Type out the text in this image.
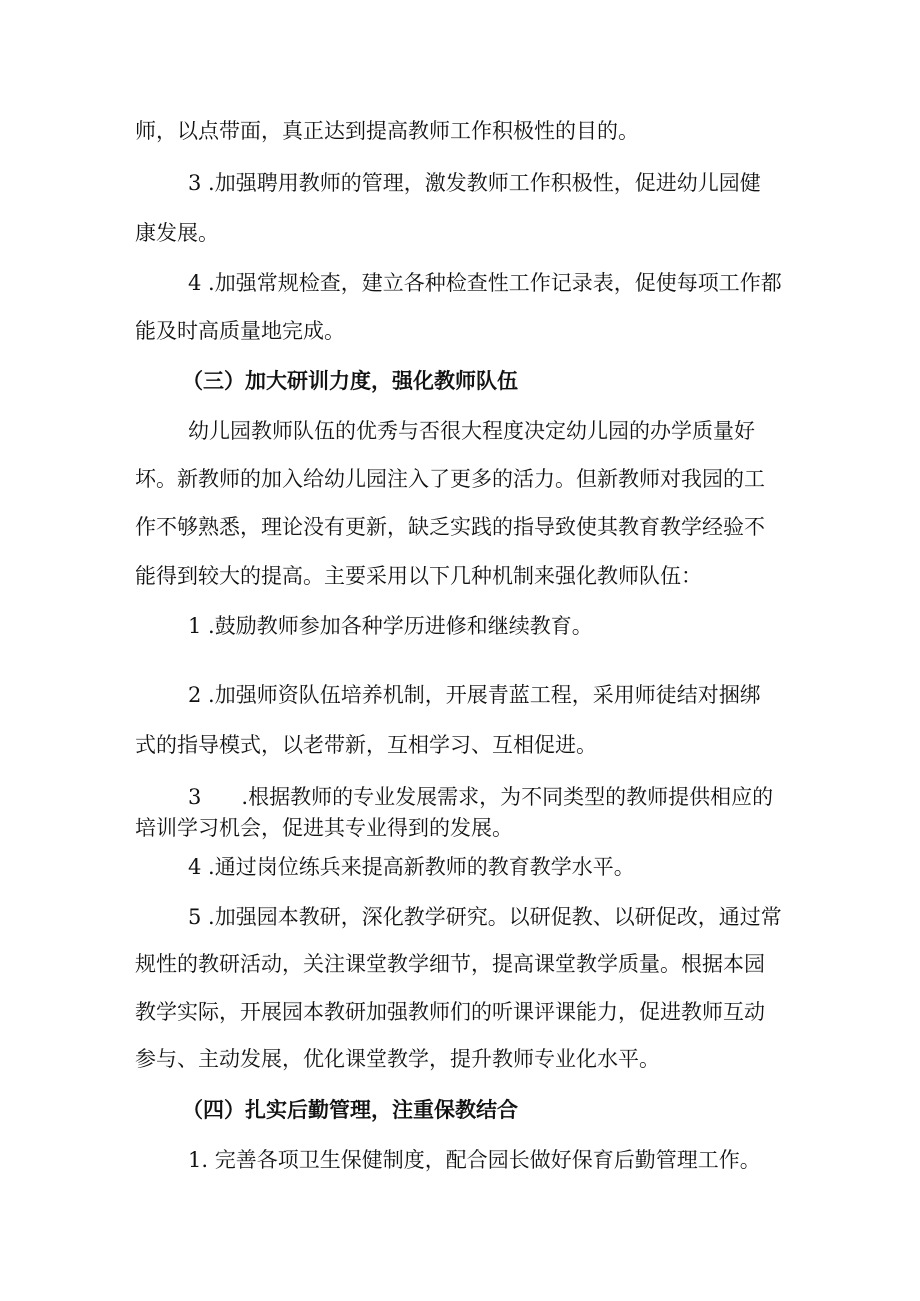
师，以点带面，真正达到提高教师工作积极性的目的。
3 .加强聘用教师的管理，激发教师工作积极性，促进幼儿园健
康发展。
4 .加强常规检查，建立各种检查性工作记录表，促使每项工作都
能及时高质量地完成。
（三）加大研训力度，强化教师队伍
幼儿园教师队伍的优秀与否很大程度决定幼儿园的办学质量好
坏。新教师的加入给幼儿园注入了更多的活力。但新教师对我园的工
作不够熟悉，理论没有更新，缺乏实践的指导致使其教育教学经验不
能得到较大的提高。主要采用以下几种机制来强化教师队伍：
1 .鼓励教师参加各种学历进修和继续教育。
2 .加强师资队伍培养机制，开展青蓝工程，采用师徒结对捆绑
式的指导模式，以老带新，互相学习、互相促进。
3      .根据教师的专业发展需求，为不同类型的教师提供相应的
培训学习机会，促进其专业得到的发展。
4 .通过岗位练兵来提高新教师的教育教学水平。
5 .加强园本教研，深化教学研究。以研促教、以研促改，通过常
规性的教研活动，关注课堂教学细节，提高课堂教学质量。根据本园
教学实际，开展园本教研加强教师们的听课评课能力，促进教师互动
参与、主动发展，优化课堂教学，提升教师专业化水平。
（四）扎实后勤管理，注重保教结合
1. 完善各项卫生保健制度，配合园长做好保育后勤管理工作。
